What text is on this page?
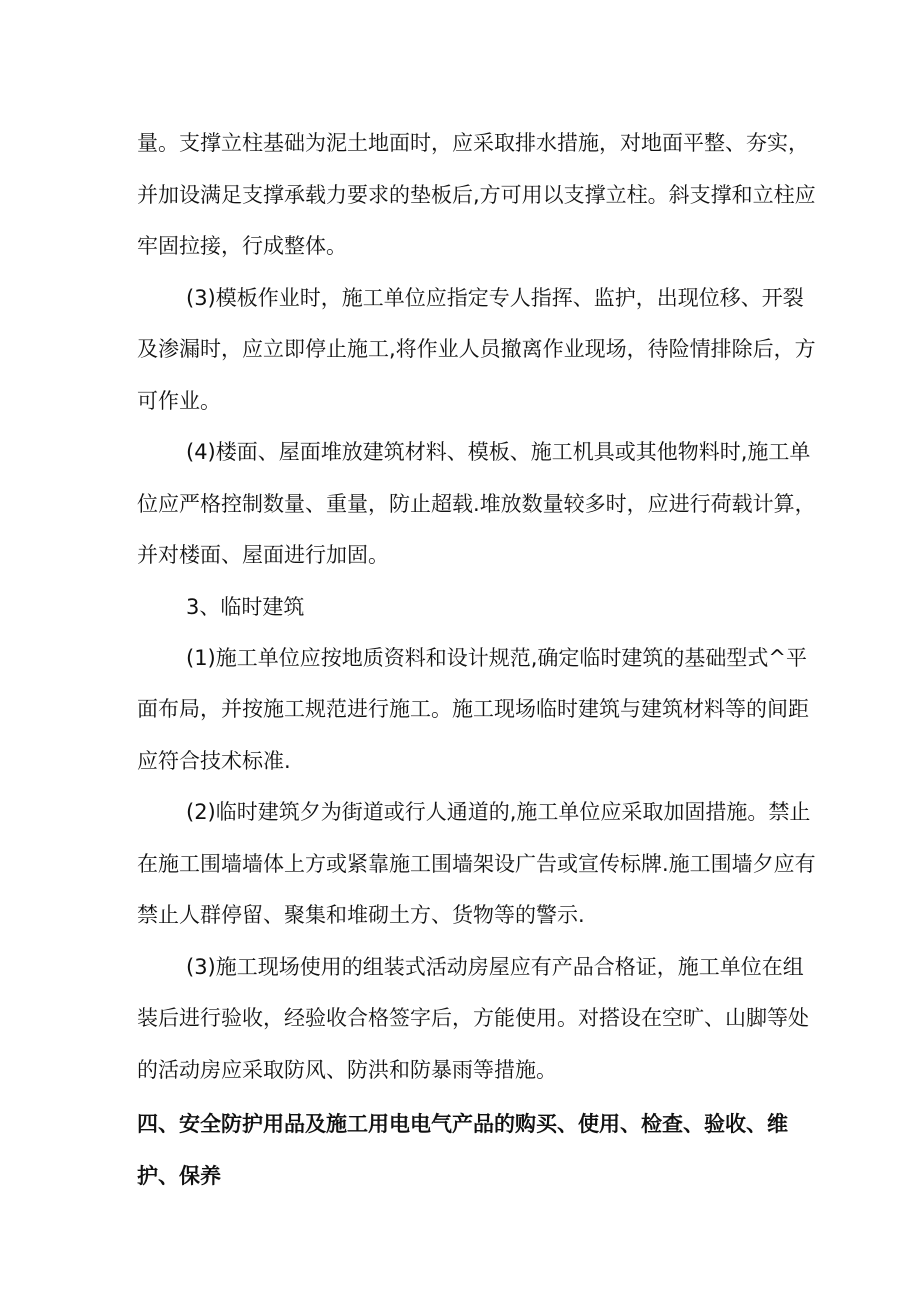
量。支撑立柱基础为泥土地面时，应采取排水措施，对地面平整、夯实，
并加设满足支撑承载力要求的垫板后,方可用以支撑立柱。斜支撑和立柱应
牢固拉接，行成整体。
(3)模板作业时，施工单位应指定专人指挥、监护，出现位移、开裂
及渗漏时，应立即停止施工,将作业人员撤离作业现场，待险情排除后，方
可作业。
(4)楼面、屋面堆放建筑材料、模板、施工机具或其他物料时,施工单
位应严格控制数量、重量，防止超载.堆放数量较多时，应进行荷载计算，
并对楼面、屋面进行加固。
3、临时建筑
(1)施工单位应按地质资料和设计规范,确定临时建筑的基础型式^平
面布局，并按施工规范进行施工。施工现场临时建筑与建筑材料等的间距
应符合技术标准.
(2)临时建筑夕为街道或行人通道的,施工单位应采取加固措施。禁止
在施工围墙墙体上方或紧靠施工围墙架设广告或宣传标牌.施工围墙夕应有
禁止人群停留、聚集和堆砌土方、货物等的警示.
(3)施工现场使用的组装式活动房屋应有产品合格证，施工单位在组
装后进行验收，经验收合格签字后，方能使用。对搭设在空旷、山脚等处
的活动房应采取防风、防洪和防暴雨等措施。
四、安全防护用品及施工用电电气产品的购买、使用、检查、验收、维
护、保养
